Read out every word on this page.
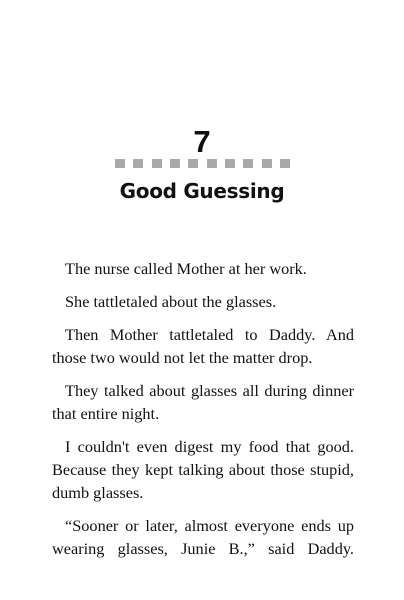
7
Good Guessing

The nurse called Mother at her work.

She tattletaled about the glasses.

Then Mother tattletaled to Daddy. And those two would not let the matter drop.

They talked about glasses all during dinner that entire night.

I couldn't even digest my food that good. Because they kept talking about those stupid, dumb glasses.

“Sooner or later, almost everyone ends up wearing glasses, Junie B.,” said Daddy.
